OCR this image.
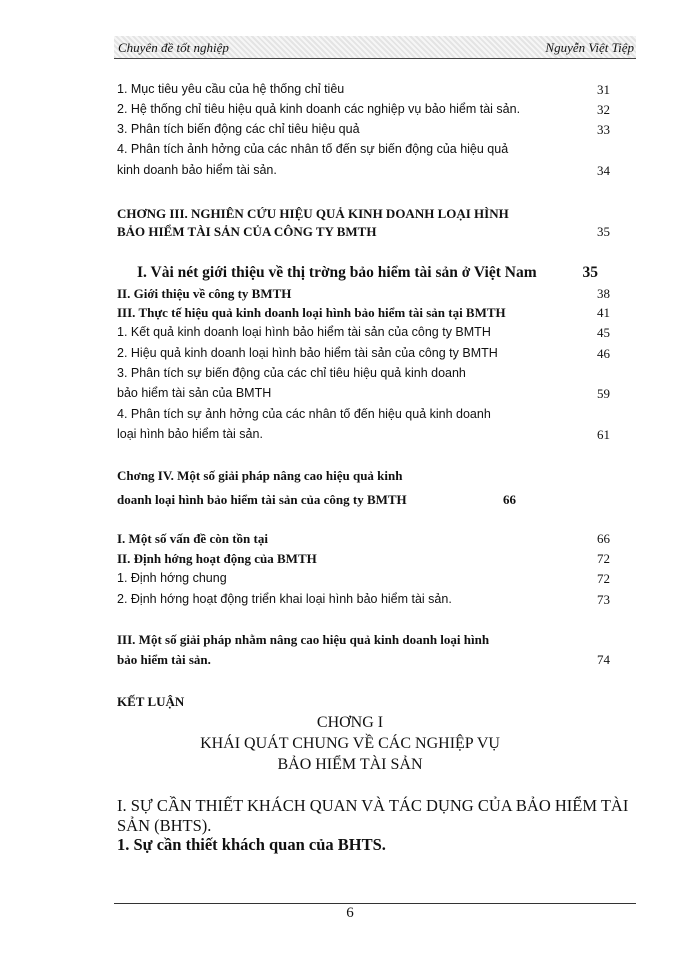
Chuyên đề tốt nghiệp	Nguyễn Việt Tiệp
1. Mục tiêu yêu cầu của hệ thống chỉ tiêu	31
2. Hệ thống chỉ tiêu hiệu quả kinh doanh các nghiệp vụ bảo hiểm tài sản.	32
3. Phân tích biến động các chỉ tiêu hiệu quả	33
4. Phân tích ảnh hởng của các nhân tố đến sự biến động của hiệu quả
kinh doanh bảo hiểm tài sản.	34
CHƠNG III. NGHIÊN CỨU HIỆU QUẢ KINH DOANH LOẠI HÌNH
BẢO HIỂM TÀI SẢN CỦA CÔNG TY BMTH	35
I. Vài nét giới thiệu về thị trờng bảo hiểm tài sản ở Việt Nam	35
II. Giới thiệu về công ty BMTH	38
III. Thực tế hiệu quả kinh doanh loại hình bảo hiểm tài sản tại BMTH	41
1. Kết quả kinh doanh loại hình bảo hiểm tài sản của công ty BMTH	45
2. Hiệu quả kinh doanh loại hình bảo hiểm tài sản của công ty BMTH	46
3. Phân tích sự biến động của các chỉ tiêu hiệu quả kinh doanh
bảo hiểm tài sản của BMTH	59
4. Phân tích sự ảnh hởng của các nhân tố đến hiệu quả kinh doanh
loại hình bảo hiểm tài sản.	61
Chơng IV. Một số giải pháp nâng cao hiệu quả kinh
doanh loại hình bảo hiểm tài sản của công ty BMTH	66
I. Một số vấn đề còn tồn tại	66
II. Định hớng hoạt động của BMTH	72
1. Định hớng chung	72
2. Định hớng hoạt động triển khai loại hình bảo hiểm tài sản.	73
III. Một số giải pháp nhằm nâng cao hiệu quả kinh doanh loại hình
bảo hiểm tài sản.	74
KẾT LUẬN
CHƠNG I
KHÁI QUÁT CHUNG VỀ CÁC NGHIỆP VỤ
BẢO HIỂM TÀI SẢN
I. SỰ CẦN THIẾT KHÁCH QUAN VÀ TÁC DỤNG CỦA BẢO HIỂM TÀI
SẢN (BHTS).
1. Sự cần thiết khách quan của BHTS.
6
